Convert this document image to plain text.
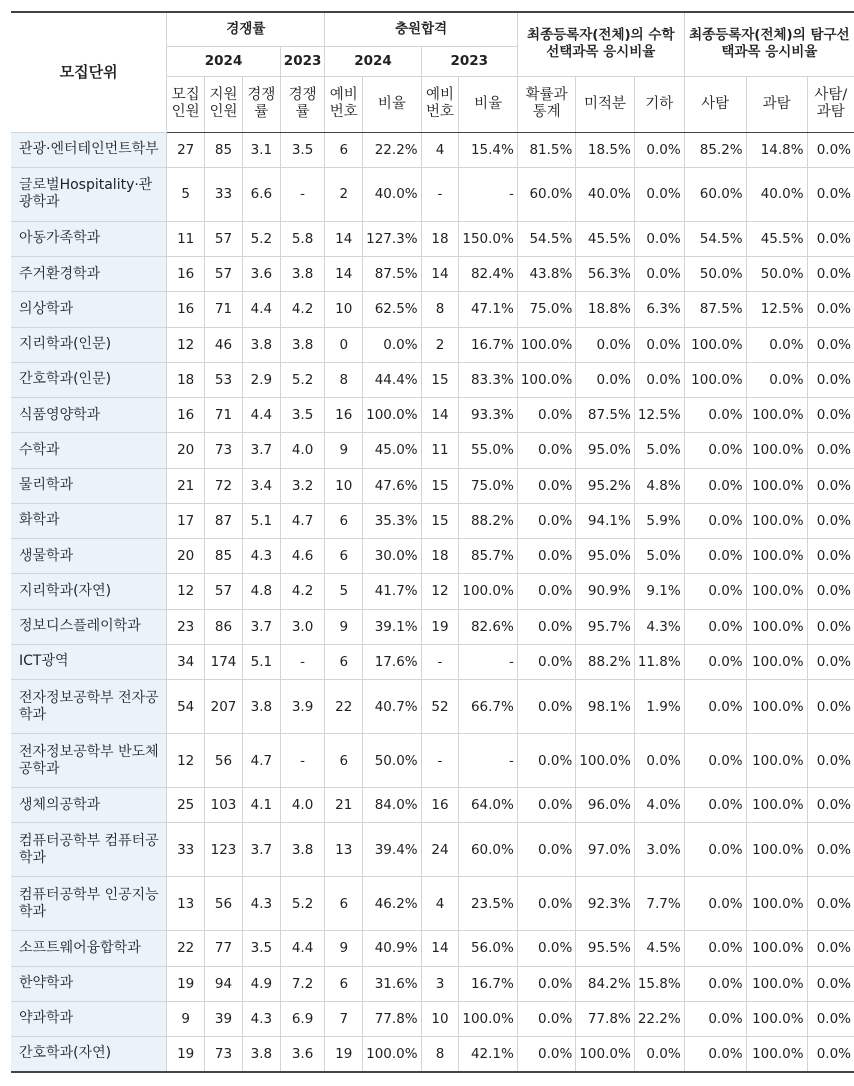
모집단위	경쟁률				충원합격				최종등록자(전체)의 수학선택과목 응시비율			최종등록자(전체)의 탐구선택과목 응시비율		
	2024			2023	2024		2023							
	모집 인원	지원 인원	경쟁 률	경쟁 률	예비 번호	비율	예비 번호	비율	확률과 통계	미적분	기하	사탐	과탐	사탐/ 과탐
관광·엔터테인먼트학부	27	85	3.1	3.5	6	22.2%	4	15.4%	81.5%	18.5%	0.0%	85.2%	14.8%	0.0%
글로벌Hospitality·관광학과	5	33	6.6	-	2	40.0%	-	-	60.0%	40.0%	0.0%	60.0%	40.0%	0.0%
아동가족학과	11	57	5.2	5.8	14	127.3%	18	150.0%	54.5%	45.5%	0.0%	54.5%	45.5%	0.0%
주거환경학과	16	57	3.6	3.8	14	87.5%	14	82.4%	43.8%	56.3%	0.0%	50.0%	50.0%	0.0%
의상학과	16	71	4.4	4.2	10	62.5%	8	47.1%	75.0%	18.8%	6.3%	87.5%	12.5%	0.0%
지리학과(인문)	12	46	3.8	3.8	0	0.0%	2	16.7%	100.0%	0.0%	0.0%	100.0%	0.0%	0.0%
간호학과(인문)	18	53	2.9	5.2	8	44.4%	15	83.3%	100.0%	0.0%	0.0%	100.0%	0.0%	0.0%
식품영양학과	16	71	4.4	3.5	16	100.0%	14	93.3%	0.0%	87.5%	12.5%	0.0%	100.0%	0.0%
수학과	20	73	3.7	4.0	9	45.0%	11	55.0%	0.0%	95.0%	5.0%	0.0%	100.0%	0.0%
물리학과	21	72	3.4	3.2	10	47.6%	15	75.0%	0.0%	95.2%	4.8%	0.0%	100.0%	0.0%
화학과	17	87	5.1	4.7	6	35.3%	15	88.2%	0.0%	94.1%	5.9%	0.0%	100.0%	0.0%
생물학과	20	85	4.3	4.6	6	30.0%	18	85.7%	0.0%	95.0%	5.0%	0.0%	100.0%	0.0%
지리학과(자연)	12	57	4.8	4.2	5	41.7%	12	100.0%	0.0%	90.9%	9.1%	0.0%	100.0%	0.0%
정보디스플레이학과	23	86	3.7	3.0	9	39.1%	19	82.6%	0.0%	95.7%	4.3%	0.0%	100.0%	0.0%
ICT광역	34	174	5.1	-	6	17.6%	-	-	0.0%	88.2%	11.8%	0.0%	100.0%	0.0%
전자정보공학부 전자공학과	54	207	3.8	3.9	22	40.7%	52	66.7%	0.0%	98.1%	1.9%	0.0%	100.0%	0.0%
전자정보공학부 반도체공학과	12	56	4.7	-	6	50.0%	-	-	0.0%	100.0%	0.0%	0.0%	100.0%	0.0%
생체의공학과	25	103	4.1	4.0	21	84.0%	16	64.0%	0.0%	96.0%	4.0%	0.0%	100.0%	0.0%
컴퓨터공학부 컴퓨터공학과	33	123	3.7	3.8	13	39.4%	24	60.0%	0.0%	97.0%	3.0%	0.0%	100.0%	0.0%
컴퓨터공학부 인공지능학과	13	56	4.3	5.2	6	46.2%	4	23.5%	0.0%	92.3%	7.7%	0.0%	100.0%	0.0%
소프트웨어융합학과	22	77	3.5	4.4	9	40.9%	14	56.0%	0.0%	95.5%	4.5%	0.0%	100.0%	0.0%
한약학과	19	94	4.9	7.2	6	31.6%	3	16.7%	0.0%	84.2%	15.8%	0.0%	100.0%	0.0%
약과학과	9	39	4.3	6.9	7	77.8%	10	100.0%	0.0%	77.8%	22.2%	0.0%	100.0%	0.0%
간호학과(자연)	19	73	3.8	3.6	19	100.0%	8	42.1%	0.0%	100.0%	0.0%	0.0%	100.0%	0.0%
